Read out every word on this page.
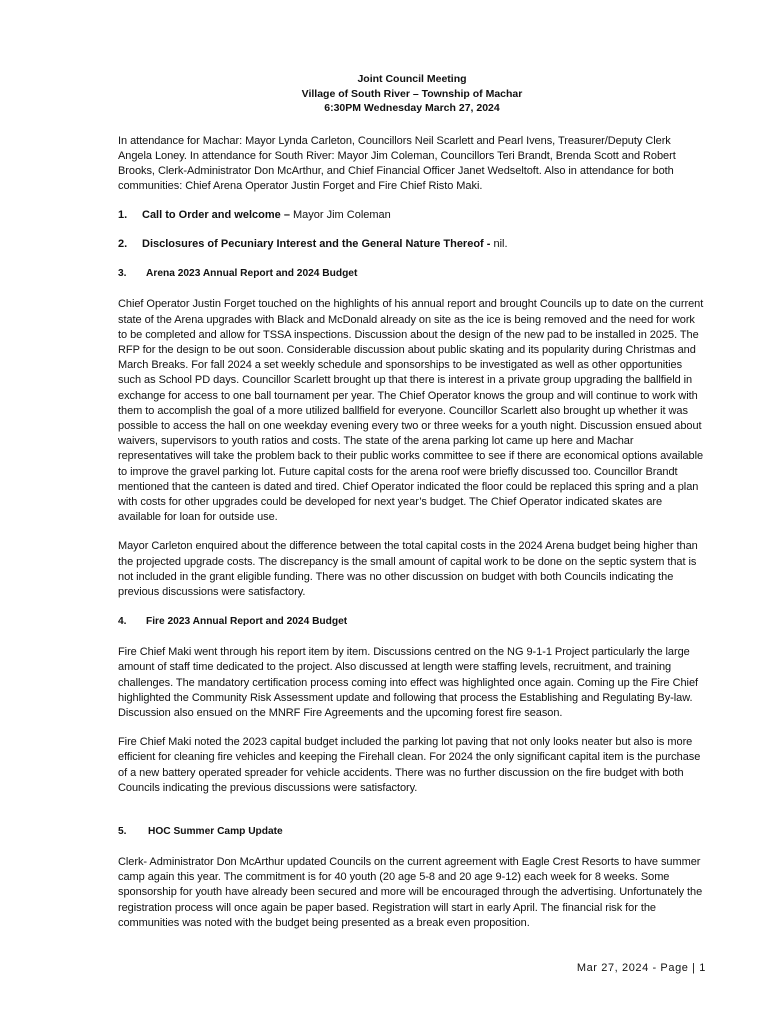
Joint Council Meeting
Village of South River – Township of Machar
6:30PM Wednesday March 27, 2024

In attendance for Machar: Mayor Lynda Carleton, Councillors Neil Scarlett and Pearl Ivens, Treasurer/Deputy Clerk Angela Loney. In attendance for South River: Mayor Jim Coleman, Councillors Teri Brandt, Brenda Scott and Robert Brooks, Clerk-Administrator Don McArthur, and Chief Financial Officer Janet Wedseltoft. Also in attendance for both communities: Chief Arena Operator Justin Forget and Fire Chief Risto Maki.

1. Call to Order and welcome – Mayor Jim Coleman
2. Disclosures of Pecuniary Interest and the General Nature Thereof - nil.
3. Arena 2023 Annual Report and 2024 Budget

Chief Operator Justin Forget touched on the highlights of his annual report and brought Councils up to date on the current state of the Arena upgrades with Black and McDonald already on site as the ice is being removed and the need for work to be completed and allow for TSSA inspections. Discussion about the design of the new pad to be installed in 2025. The RFP for the design to be out soon. Considerable discussion about public skating and its popularity during Christmas and March Breaks. For fall 2024 a set weekly schedule and sponsorships to be investigated as well as other opportunities such as School PD days. Councillor Scarlett brought up that there is interest in a private group upgrading the ballfield in exchange for access to one ball tournament per year. The Chief Operator knows the group and will continue to work with them to accomplish the goal of a more utilized ballfield for everyone. Councillor Scarlett also brought up whether it was possible to access the hall on one weekday evening every two or three weeks for a youth night. Discussion ensued about waivers, supervisors to youth ratios and costs. The state of the arena parking lot came up here and Machar representatives will take the problem back to their public works committee to see if there are economical options available to improve the gravel parking lot. Future capital costs for the arena roof were briefly discussed too. Councillor Brandt mentioned that the canteen is dated and tired. Chief Operator indicated the floor could be replaced this spring and a plan with costs for other upgrades could be developed for next year’s budget. The Chief Operator indicated skates are available for loan for outside use.

Mayor Carleton enquired about the difference between the total capital costs in the 2024 Arena budget being higher than the projected upgrade costs. The discrepancy is the small amount of capital work to be done on the septic system that is not included in the grant eligible funding. There was no other discussion on budget with both Councils indicating the previous discussions were satisfactory.

4. Fire 2023 Annual Report and 2024 Budget

Fire Chief Maki went through his report item by item. Discussions centred on the NG 9-1-1 Project particularly the large amount of staff time dedicated to the project. Also discussed at length were staffing levels, recruitment, and training challenges. The mandatory certification process coming into effect was highlighted once again. Coming up the Fire Chief highlighted the Community Risk Assessment update and following that process the Establishing and Regulating By-law. Discussion also ensued on the MNRF Fire Agreements and the upcoming forest fire season.

Fire Chief Maki noted the 2023 capital budget included the parking lot paving that not only looks neater but also is more efficient for cleaning fire vehicles and keeping the Firehall clean. For 2024 the only significant capital item is the purchase of a new battery operated spreader for vehicle accidents. There was no further discussion on the fire budget with both Councils indicating the previous discussions were satisfactory.

5. HOC Summer Camp Update

Clerk- Administrator Don McArthur updated Councils on the current agreement with Eagle Crest Resorts to have summer camp again this year. The commitment is for 40 youth (20 age 5-8 and 20 age 9-12) each week for 8 weeks. Some sponsorship for youth have already been secured and more will be encouraged through the advertising. Unfortunately the registration process will once again be paper based. Registration will start in early April. The financial risk for the communities was noted with the budget being presented as a break even proposition.

Mar 27, 2024 - Page | 1
